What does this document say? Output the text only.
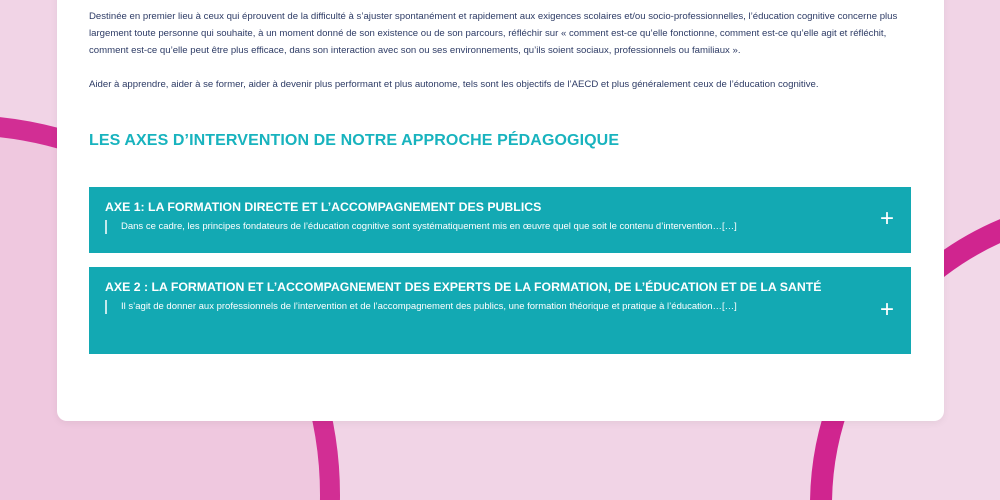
Destinée en premier lieu à ceux qui éprouvent de la difficulté à s’ajuster spontanément et rapidement aux exigences scolaires et/ou socio-professionnelles, l’éducation cognitive concerne plus largement toute personne qui souhaite, à un moment donné de son existence ou de son parcours, réfléchir sur « comment est-ce qu’elle fonctionne, comment est-ce qu’elle agit et réfléchit, comment est-ce qu’elle peut être plus efficace, dans son interaction avec son ou ses environnements, qu’ils soient sociaux, professionnels ou familiaux ».

Aider à apprendre, aider à se former, aider à devenir plus performant et plus autonome, tels sont les objectifs de l’AECD et plus généralement ceux de l’éducation cognitive.

LES AXES D’INTERVENTION DE NOTRE APPROCHE PÉDAGOGIQUE
AXE 1: LA FORMATION DIRECTE ET L’ACCOMPAGNEMENT DES PUBLICS
Dans ce cadre, les principes fondateurs de l’éducation cognitive sont systématiquement mis en œuvre quel que soit le contenu d’intervention…[…]	+
AXE 2 : LA FORMATION ET L’ACCOMPAGNEMENT DES EXPERTS DE LA FORMATION, DE L’ÉDUCATION ET DE LA SANTÉ
Il s’agit de donner aux professionnels de l’intervention et de l’accompagnement des publics, une formation théorique et pratique à l’éducation…[…]	+
